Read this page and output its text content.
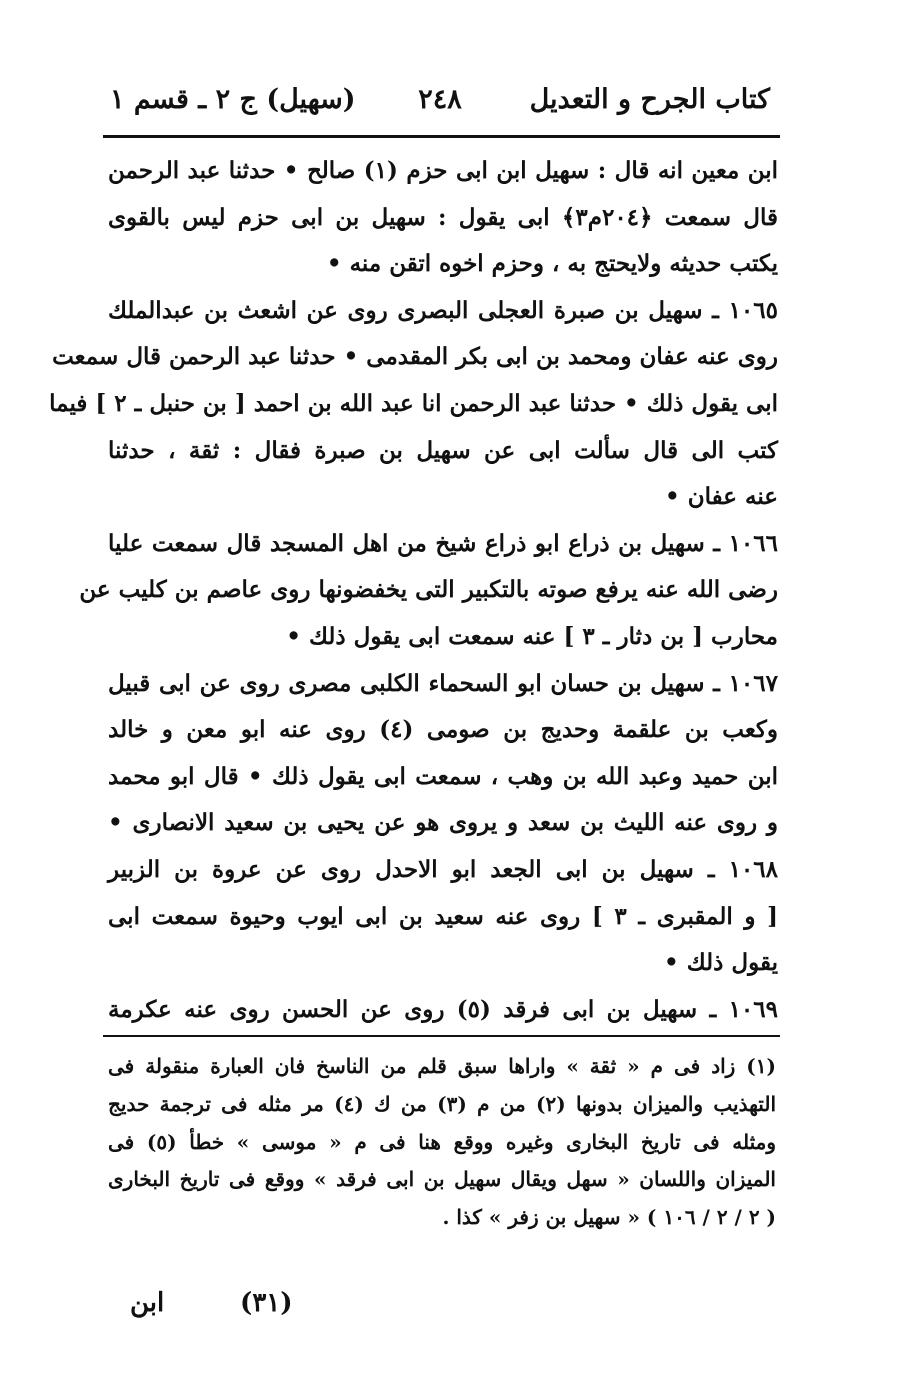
كتاب الجرح و التعديل
٢٤٨
(سهيل) ج ٢ ـ قسم ١
ابن معين انه قال : سهيل ابن ابى حزم (١) صالح • حدثنا عبد الرحمن
قال سمعت ﴿٢٠٤م٣﴾ ابى يقول : سهيل بن ابى حزم ليس بالقوى
يكتب حديثه ولايحتج به ، وحزم اخوه اتقن منه •
١٠٦٥ ـ سهيل بن صبرة العجلى البصرى روى عن اشعث بن عبدالملك
روى عنه عفان ومحمد بن ابى بكر المقدمى • حدثنا عبد الرحمن قال سمعت
ابى يقول ذلك • حدثنا عبد الرحمن انا عبد الله بن احمد [ بن حنبل ـ ٢ ] فيما
كتب الى قال سألت ابى عن سهيل بن صبرة فقال : ثقة ، حدثنا
عنه عفان •
١٠٦٦ ـ سهيل بن ذراع ابو ذراع شيخ من اهل المسجد قال سمعت عليا
رضى الله عنه يرفع صوته بالتكبير التى يخفضونها روى عاصم بن كليب عن
محارب [ بن دثار ـ ٣ ] عنه سمعت ابى يقول ذلك •
١٠٦٧ ـ سهيل بن حسان ابو السحماء الكلبى مصرى روى عن ابى قبيل
وكعب بن علقمة وحديج بن صومى (٤) روى عنه ابو معن و خالد
ابن حميد وعبد الله بن وهب ، سمعت ابى يقول ذلك • قال ابو محمد
و روى عنه الليث بن سعد و يروى هو عن يحيى بن سعيد الانصارى •
١٠٦٨ ـ سهيل بن ابى الجعد ابو الاحدل روى عن عروة بن الزبير
[ و المقبرى ـ ٣ ] روى عنه سعيد بن ابى ايوب وحيوة سمعت ابى
يقول ذلك •
١٠٦٩ ـ سهيل بن ابى فرقد (٥) روى عن الحسن روى عنه عكرمة
(١) زاد فى م « ثقة » واراها سبق قلم من الناسخ فان العبارة منقولة فى
التهذيب والميزان بدونها (٢) من م (٣) من ك (٤) مر مثله فى ترجمة حديج
ومثله فى تاريخ البخارى وغيره ووقع هنا فى م « موسى » خطأ (٥) فى
الميزان واللسان « سهل ويقال سهيل بن ابى فرقد » ووقع فى تاريخ البخارى
( ٢ / ٢ / ١٠٦ ) « سهيل بن زفر » كذا .
(٣١)
ابن
